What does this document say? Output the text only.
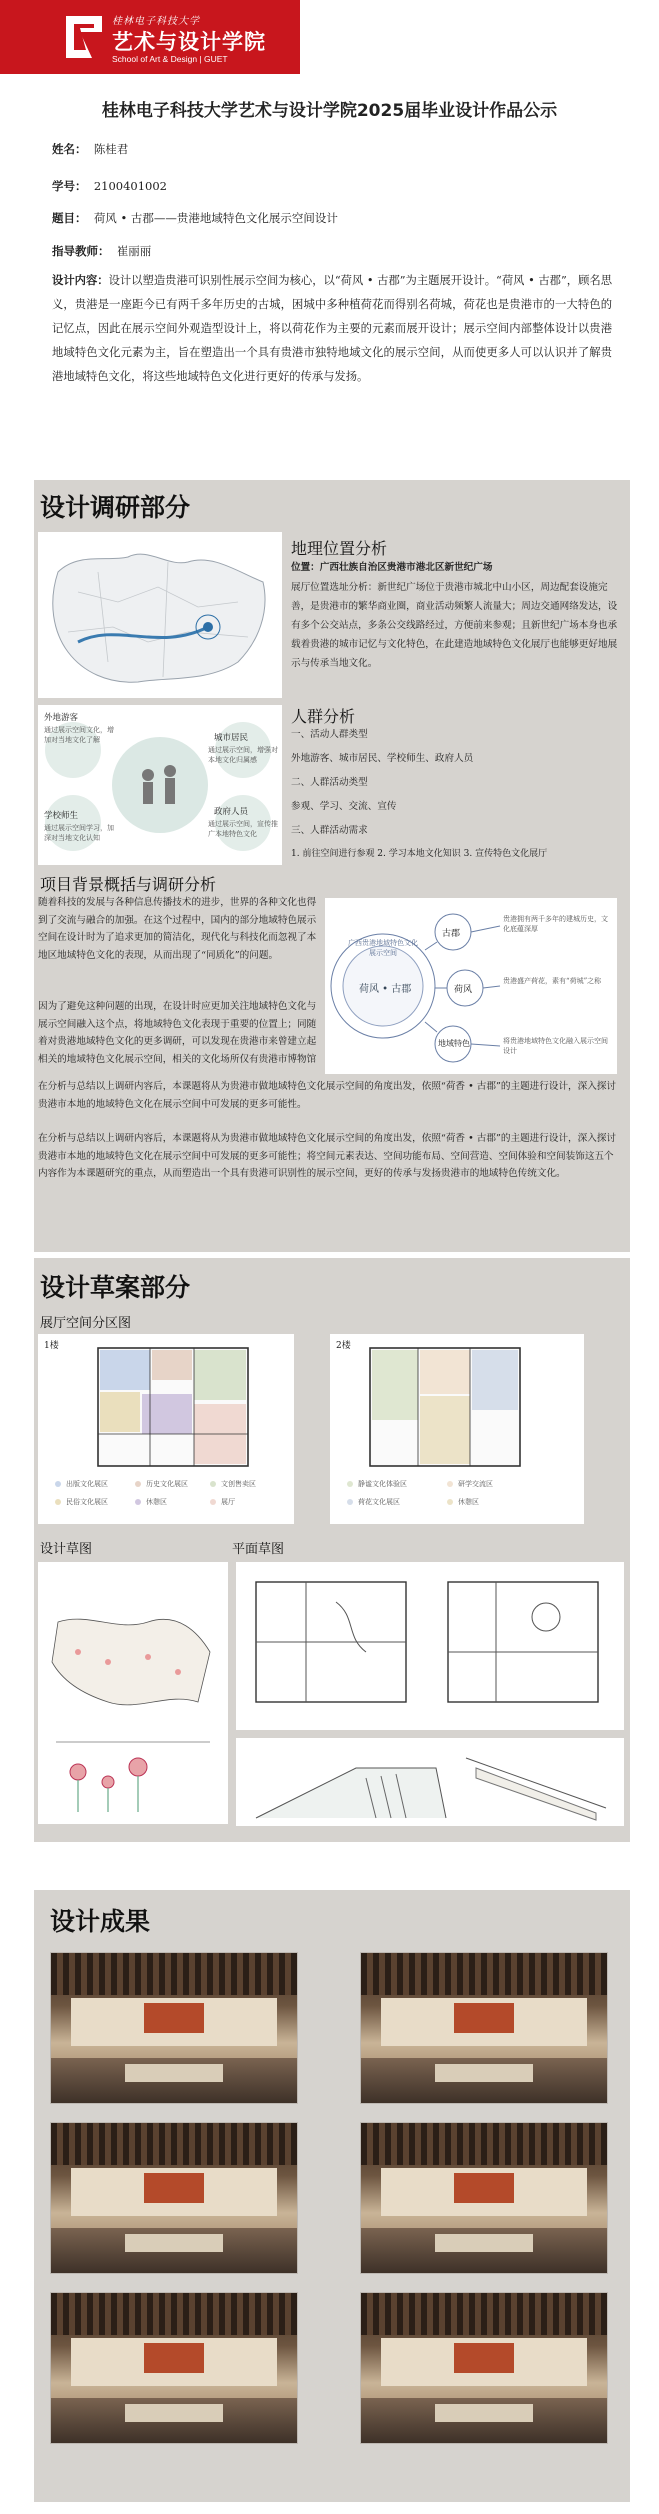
桂林电子科技大学
艺术与设计学院
School of Art & Design | GUET
桂林电子科技大学艺术与设计学院2025届毕业设计作品公示
姓名： 陈桂君
学号： 2100401002
题目： 荷风 • 古郡——贵港地域特色文化展示空间设计
指导教师： 崔丽丽
设计内容：设计以塑造贵港可识别性展示空间为核心，以“荷风 • 古郡”为主题展开设计。“荷风 • 古郡”，顾名思义，贵港是一座距今已有两千多年历史的古城，困城中多种植荷花而得别名荷城，荷花也是贵港市的一大特色的记忆点，因此在展示空间外观造型设计上，将以荷花作为主要的元素而展开设计；展示空间内部整体设计以贵港地域特色文化元素为主，旨在塑造出一个具有贵港市独特地域文化的展示空间，从而使更多人可以认识并了解贵港地域特色文化，将这些地域特色文化进行更好的传承与发扬。
设计调研部分
地理位置分析
位置：广西壮族自治区贵港市港北区新世纪广场
展厅位置选址分析：新世纪广场位于贵港市城北中山小区，周边配套设施完善，是贵港市的繁华商业圈，商业活动频繁人流量大；周边交通网络发达，设有多个公交站点，多条公交线路经过，方便前来参观；且新世纪广场本身也承载着贵港的城市记忆与文化特色，在此建造地域特色文化展厅也能够更好地展示与传承当地文化。
外地游客
通过展示空间文化，增加对当地文化了解
学校师生
通过展示空间学习，加深对当地文化认知
城市居民
通过展示空间，增强对本地文化归属感
政府人员
通过展示空间，宣传推广本地特色文化
人群分析
一、活动人群类型
外地游客、城市居民、学校师生、政府人员
二、人群活动类型
参观、学习、交流、宣传
三、人群活动需求
1. 前往空间进行参观 2. 学习本地文化知识 3. 宣传特色文化展厅
项目背景概括与调研分析
随着科技的发展与各种信息传播技术的进步，世界的各种文化也得到了交流与融合的加强。在这个过程中，国内的部分地域特色展示空间在设计时为了追求更加的简洁化，现代化与科技化而忽视了本地区地域特色文化的表现，从而出现了“同质化”的问题。
因为了避免这种问题的出现，在设计时应更加关注地域特色文化与展示空间融入这个点，将地域特色文化表现于重要的位置上；同随着对贵港地域特色文化的更多调研，可以发现在贵港市来曾建立起相关的地域特色文化展示空间，相关的文化场所仅有贵港市博物馆
荷风 • 古郡
广西贵港地域特色文化展示空间
古郡
荷风
地域特色
贵港拥有两千多年的建城历史，文化底蕴深厚
贵港盛产荷花，素有“荷城”之称
将贵港地域特色文化融入展示空间设计
在分析与总结以上调研内容后，本课题将从为贵港市做地域特色文化展示空间的角度出发，依照“荷香 • 古郡”的主题进行设计，深入探讨贵港市本地的地域特色文化在展示空间中可发展的更多可能性。
在分析与总结以上调研内容后，本课题将从为贵港市做地域特色文化展示空间的角度出发，依照“荷香 • 古郡”的主题进行设计，深入探讨贵港市本地的地域特色文化在展示空间中可发展的更多可能性；将空间元素表达、空间功能布局、空间营造、空间体验和空间装饰这五个内容作为本课题研究的重点，从而塑造出一个具有贵港可识别性的展示空间，更好的传承与发扬贵港市的地域特色传统文化。
设计草案部分
展厅空间分区图
1楼
出版文化展区	历史文化展区	文创售卖区
民俗文化展区	休憩区	展厅
2楼
静谧文化体验区	研学交流区
荷花文化展区	休憩区
设计草图	平面草图
设计成果
